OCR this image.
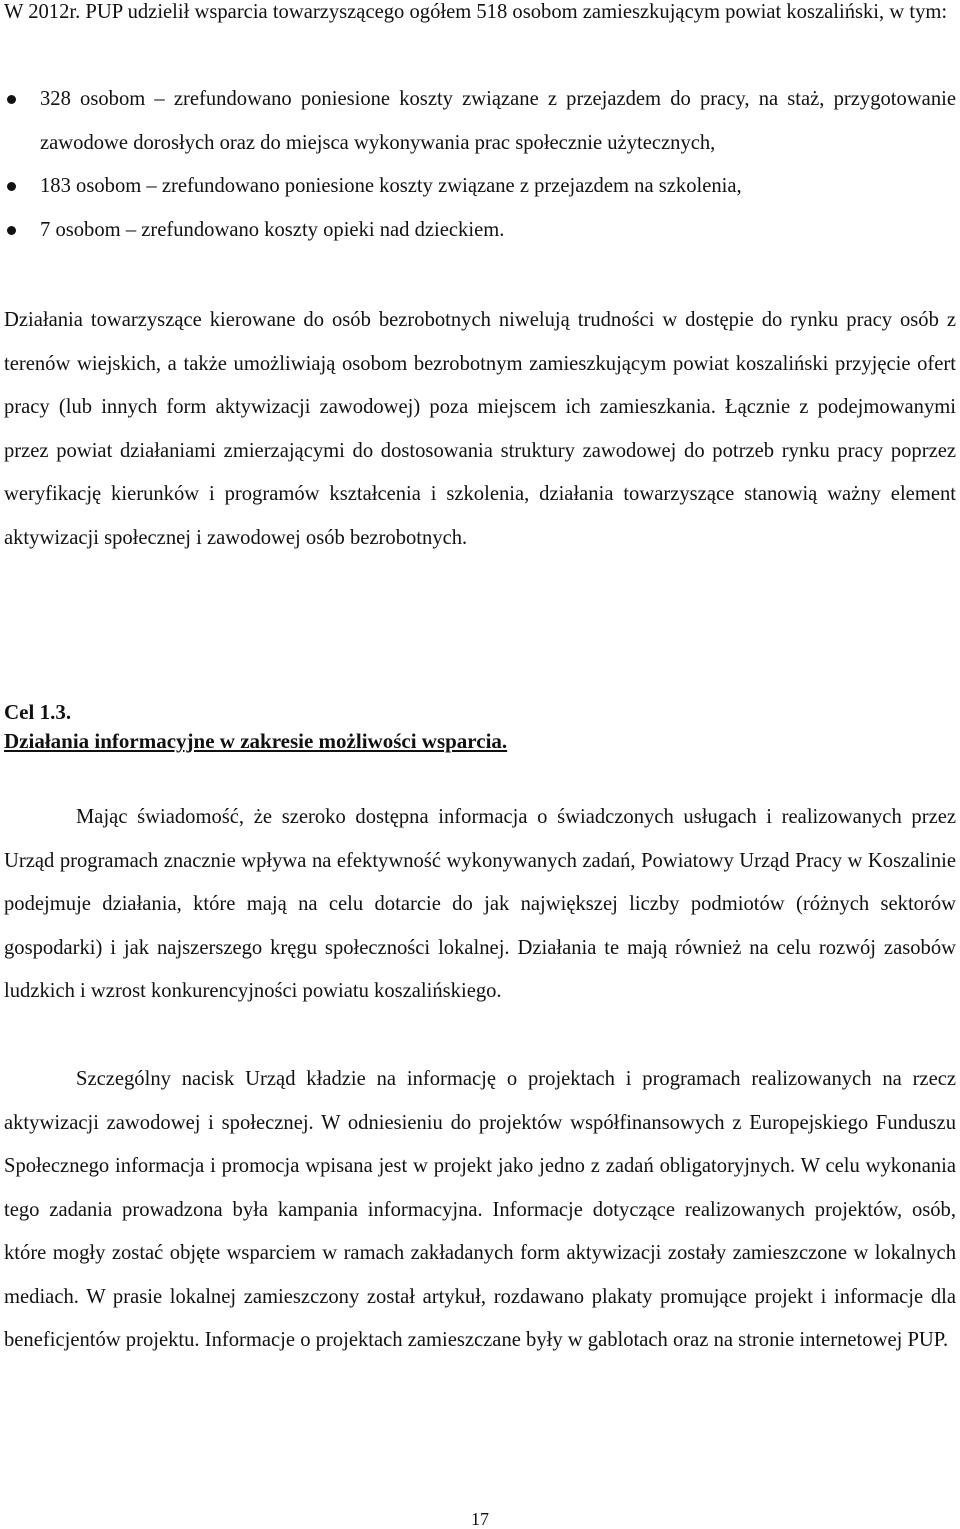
W 2012r. PUP udzielił wsparcia towarzyszącego ogółem 518 osobom zamieszkującym powiat koszaliński, w tym:

328 osobom – zrefundowano poniesione koszty związane z przejazdem do pracy, na staż, przygotowanie zawodowe dorosłych oraz do miejsca wykonywania prac społecznie użytecznych,
183 osobom – zrefundowano poniesione koszty związane z przejazdem na szkolenia,
7 osobom – zrefundowano koszty opieki nad dzieckiem.

Działania towarzyszące kierowane do osób bezrobotnych niwelują trudności w dostępie do rynku pracy osób z terenów wiejskich, a także umożliwiają osobom bezrobotnym zamieszkującym powiat koszaliński przyjęcie ofert pracy (lub innych form aktywizacji zawodowej) poza miejscem ich zamieszkania. Łącznie z podejmowanymi przez powiat działaniami zmierzającymi do dostosowania struktury zawodowej do potrzeb rynku pracy poprzez weryfikację kierunków i programów kształcenia i szkolenia, działania towarzyszące stanowią ważny element aktywizacji społecznej i zawodowej osób bezrobotnych.

Cel 1.3.
Działania informacyjne w zakresie możliwości wsparcia.

Mając świadomość, że szeroko dostępna informacja o świadczonych usługach i realizowanych przez Urząd programach znacznie wpływa na efektywność wykonywanych zadań, Powiatowy Urząd Pracy w Koszalinie podejmuje działania, które mają na celu dotarcie do jak największej liczby podmiotów (różnych sektorów gospodarki) i jak najszerszego kręgu społeczności lokalnej. Działania te mają również na celu rozwój zasobów ludzkich i wzrost konkurencyjności powiatu koszalińskiego.

Szczególny nacisk Urząd kładzie na informację o projektach i programach realizowanych na rzecz aktywizacji zawodowej i społecznej. W odniesieniu do projektów współfinansowych z Europejskiego Funduszu Społecznego informacja i promocja wpisana jest w projekt jako jedno z zadań obligatoryjnych. W celu wykonania tego zadania prowadzona była kampania informacyjna. Informacje dotyczące realizowanych projektów, osób, które mogły zostać objęte wsparciem w ramach zakładanych form aktywizacji zostały zamieszczone w lokalnych mediach. W prasie lokalnej zamieszczony został artykuł, rozdawano plakaty promujące projekt i informacje dla beneficjentów projektu. Informacje o projektach zamieszczane były w gablotach oraz na stronie internetowej PUP.

17
